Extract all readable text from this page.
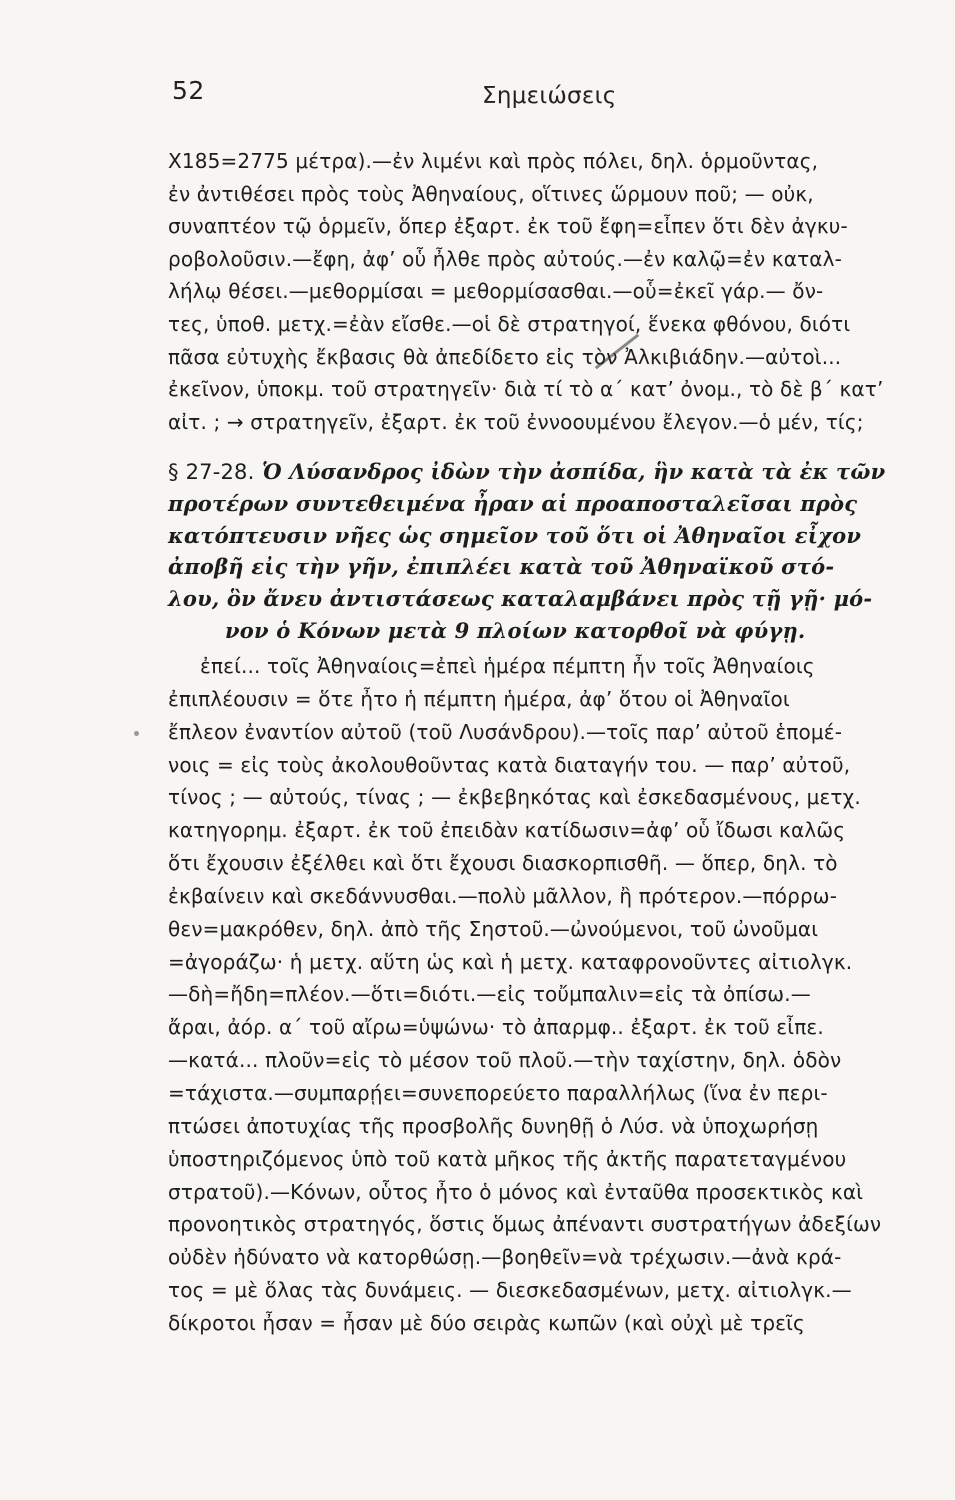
52	Σημειώσεις
Χ185=2775 μέτρα).—ἐν λιμένι καὶ πρὸς πόλει, δηλ. ὁρμοῦντας,
ἐν ἀντιθέσει πρὸς τοὺς Ἀθηναίους, οἵτινες ὥρμουν ποῦ; — οὐκ,
συναπτέον τῷ ὁρμεῖν, ὅπερ ἐξαρτ. ἐκ τοῦ ἔφη=εἶπεν ὅτι δὲν ἀγκυ-
ροβολοῦσιν.—ἔφη, ἀφ’ οὗ ἦλθε πρὸς αὐτούς.—ἐν καλῷ=ἐν καταλ-
λήλῳ θέσει.—μεθορμίσαι = μεθορμίσασθαι.—οὗ=ἐκεῖ γάρ.— ὄν-
τες, ὑποθ. μετχ.=ἐὰν εἴσθε.—οἱ δὲ στρατηγοί, ἕνεκα φθόνου, διότι
πᾶσα εὐτυχὴς ἔκβασις θὰ ἀπεδίδετο εἰς τὸν Ἀλκιβιάδην.—αὐτοὶ...
ἐκεῖνον, ὑποκμ. τοῦ στρατηγεῖν· διὰ τί τὸ α΄ κατ’ ὀνομ., τὸ δὲ β΄ κατ’
αἰτ. ; → στρατηγεῖν, ἐξαρτ. ἐκ τοῦ ἐννοουμένου ἔλεγον.—ὁ μέν, τίς;
§ 27-28. Ὁ Λύσανδρος ἰδὼν τὴν ἀσπίδα, ἣν κατὰ τὰ ἐκ τῶν
προτέρων συντεθειμένα ἦραν αἱ προαποσταλεῖσαι πρὸς
κατόπτευσιν νῆες ὡς σημεῖον τοῦ ὅτι οἱ Ἀθηναῖοι εἶχον
ἀποβῆ εἰς τὴν γῆν, ἐπιπλέει κατὰ τοῦ Ἀθηναϊκοῦ στό-
λου, ὃν ἄνευ ἀντιστάσεως καταλαμβάνει πρὸς τῇ γῇ· μό-
νον ὁ Κόνων μετὰ 9 πλοίων κατορθοῖ νὰ φύγῃ.
ἐπεί... τοῖς Ἀθηναίοις=ἐπεὶ ἡμέρα πέμπτη ἦν τοῖς Ἀθηναίοις
ἐπιπλέουσιν = ὅτε ἦτο ἡ πέμπτη ἡμέρα, ἀφ’ ὅτου οἱ Ἀθηναῖοι
ἔπλεον ἐναντίον αὐτοῦ (τοῦ Λυσάνδρου).—τοῖς παρ’ αὐτοῦ ἑπομέ-
νοις = εἰς τοὺς ἀκολουθοῦντας κατὰ διαταγήν του. — παρ’ αὐτοῦ,
τίνος ; — αὐτούς, τίνας ; — ἐκβεβηκότας καὶ ἐσκεδασμένους, μετχ.
κατηγορημ. ἐξαρτ. ἐκ τοῦ ἐπειδὰν κατίδωσιν=ἀφ’ οὗ ἴδωσι καλῶς
ὅτι ἔχουσιν ἐξέλθει καὶ ὅτι ἔχουσι διασκορπισθῆ. — ὅπερ, δηλ. τὸ
ἐκβαίνειν καὶ σκεδάννυσθαι.—πολὺ μᾶλλον, ἢ πρότερον.—πόρρω-
θεν=μακρόθεν, δηλ. ἀπὸ τῆς Σηστοῦ.—ὠνούμενοι, τοῦ ὠνοῦμαι
=ἀγοράζω· ἡ μετχ. αὕτη ὡς καὶ ἡ μετχ. καταφρονοῦντες αἰτιολγκ.
—δὴ=ἤδη=πλέον.—ὅτι=διότι.—εἰς τοὔμπαλιν=εἰς τὰ ὀπίσω.—
ἄραι, ἀόρ. α΄ τοῦ αἴρω=ὑψώνω· τὸ ἀπαρμφ.. ἐξαρτ. ἐκ τοῦ εἶπε.
—κατά... πλοῦν=εἰς τὸ μέσον τοῦ πλοῦ.—τὴν ταχίστην, δηλ. ὁδὸν
=τάχιστα.—συμπαρῄει=συνεπορεύετο παραλλήλως (ἵνα ἐν περι-
πτώσει ἀποτυχίας τῆς προσβολῆς δυνηθῇ ὁ Λύσ. νὰ ὑποχωρήσῃ
ὑποστηριζόμενος ὑπὸ τοῦ κατὰ μῆκος τῆς ἀκτῆς παρατεταγμένου
στρατοῦ).—Κόνων, οὗτος ἦτο ὁ μόνος καὶ ἐνταῦθα προσεκτικὸς καὶ
προνοητικὸς στρατηγός, ὅστις ὅμως ἀπέναντι συστρατήγων ἀδεξίων
οὐδὲν ἠδύνατο νὰ κατορθώσῃ.—βοηθεῖν=νὰ τρέχωσιν.—ἀνὰ κρά-
τος = μὲ ὅλας τὰς δυνάμεις. — διεσκεδασμένων, μετχ. αἰτιολγκ.—
δίκροτοι ἦσαν = ἦσαν μὲ δύο σειρὰς κωπῶν (καὶ οὐχὶ μὲ τρεῖς
